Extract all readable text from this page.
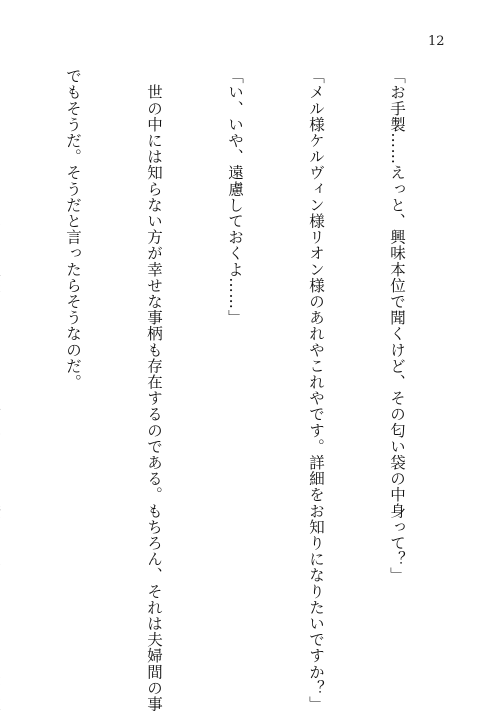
12

「お手製……えっと、興味本位で聞くけど、その匂い袋の中身って？」

「メル様ケルヴィン様リオン様のあれやこれやです。詳細をお知りになりたいですか？」

「い、いや、遠慮しておくよ……」

　世の中には知らない方が幸せな事柄も存在するのである。もちろん、それは夫婦間の事

でもそうだ。そうだと言ったらそうなのだ。
